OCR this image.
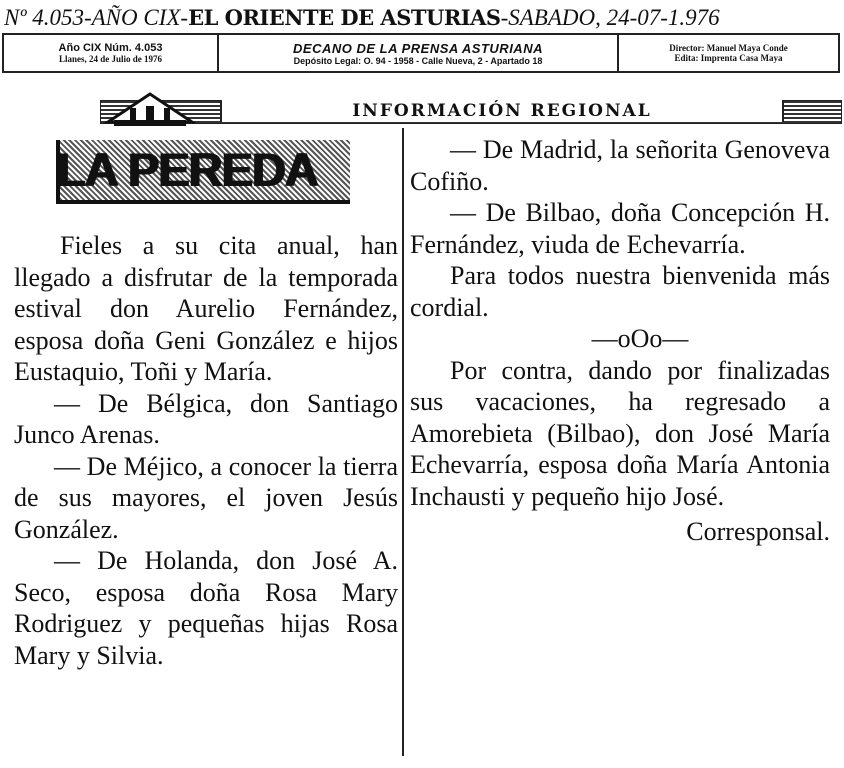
Nº 4.053-AÑO CIX-EL ORIENTE DE ASTURIAS-SABADO, 24-07-1.976
Año CIX Núm. 4.053
Llanes, 24 de Julio de 1976
DECANO DE LA PRENSA ASTURIANA
Depósito Legal: O. 94 - 1958 - Calle Nueva, 2 - Apartado 18
Director: Manuel Maya Conde
Edita: Imprenta Casa Maya
INFORMACIÓN REGIONAL
LA PEREDA

Fieles a su cita anual, han llegado a disfrutar de la temporada estival don Aurelio Fernández, esposa doña Geni González e hijos Eustaquio, Toñi y María.

— De Bélgica, don Santiago Junco Arenas.

— De Méjico, a conocer la tierra de sus mayores, el joven Jesús González.

— De Holanda, don José A. Seco, esposa doña Rosa Mary Rodriguez y pequeñas hijas Rosa Mary y Silvia.

— De Madrid, la señorita Genoveva Cofiño.

— De Bilbao, doña Concepción H. Fernández, viuda de Echevarría.

Para todos nuestra bienvenida más cordial.

—oOo—

Por contra, dando por finalizadas sus vacaciones, ha regresado a Amorebieta (Bilbao), don José María Echevarría, esposa doña María Antonia Inchausti y pequeño hijo José.

Corresponsal.
